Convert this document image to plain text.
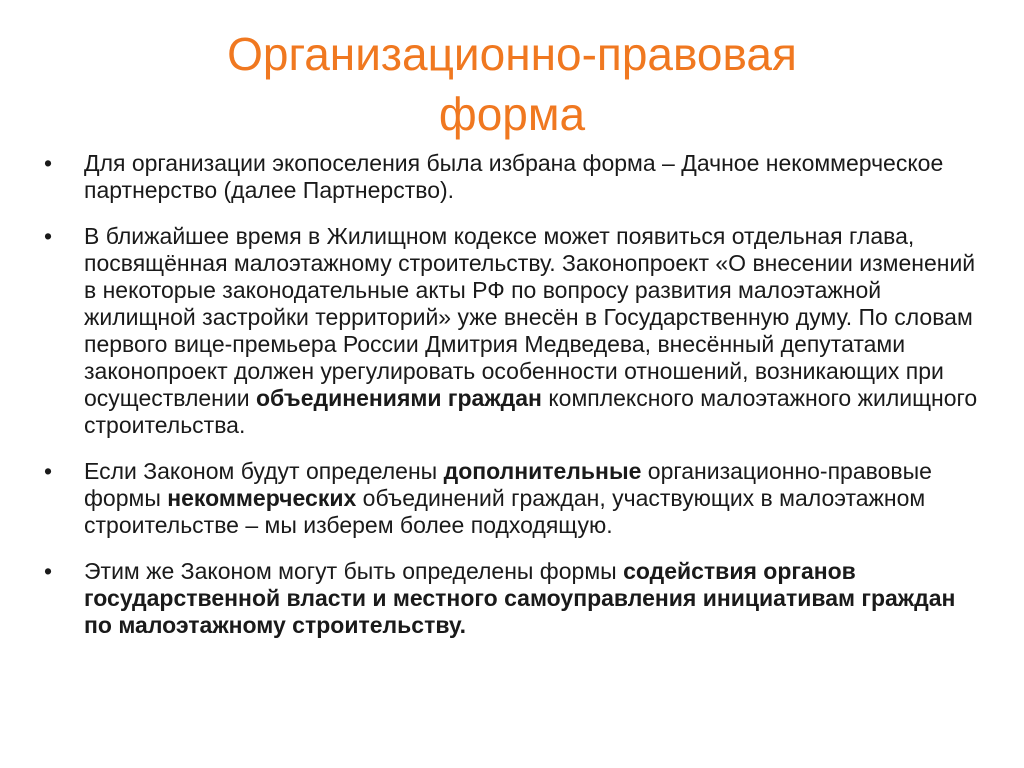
Организационно-правовая
форма
•	Для организации экопоселения была избрана форма – Дачное некоммерческое партнерство (далее Партнерство).
•	В ближайшее время в Жилищном кодексе может появиться отдельная глава, посвящённая малоэтажному строительству. Законопроект «О внесении изменений в некоторые законодательные акты РФ по вопросу развития малоэтажной жилищной застройки территорий» уже внесён в Государственную думу. По словам первого вице-премьера России Дмитрия Медведева, внесённый депутатами законопроект должен урегулировать особенности отношений, возникающих при осуществлении объединениями граждан комплексного малоэтажного жилищного строительства.
•	Если Законом будут определены дополнительные организационно-правовые формы некоммерческих объединений граждан, участвующих в малоэтажном строительстве – мы изберем более подходящую.
•	Этим же Законом могут быть определены формы содействия органов государственной власти и местного самоуправления инициативам граждан по малоэтажному строительству.
